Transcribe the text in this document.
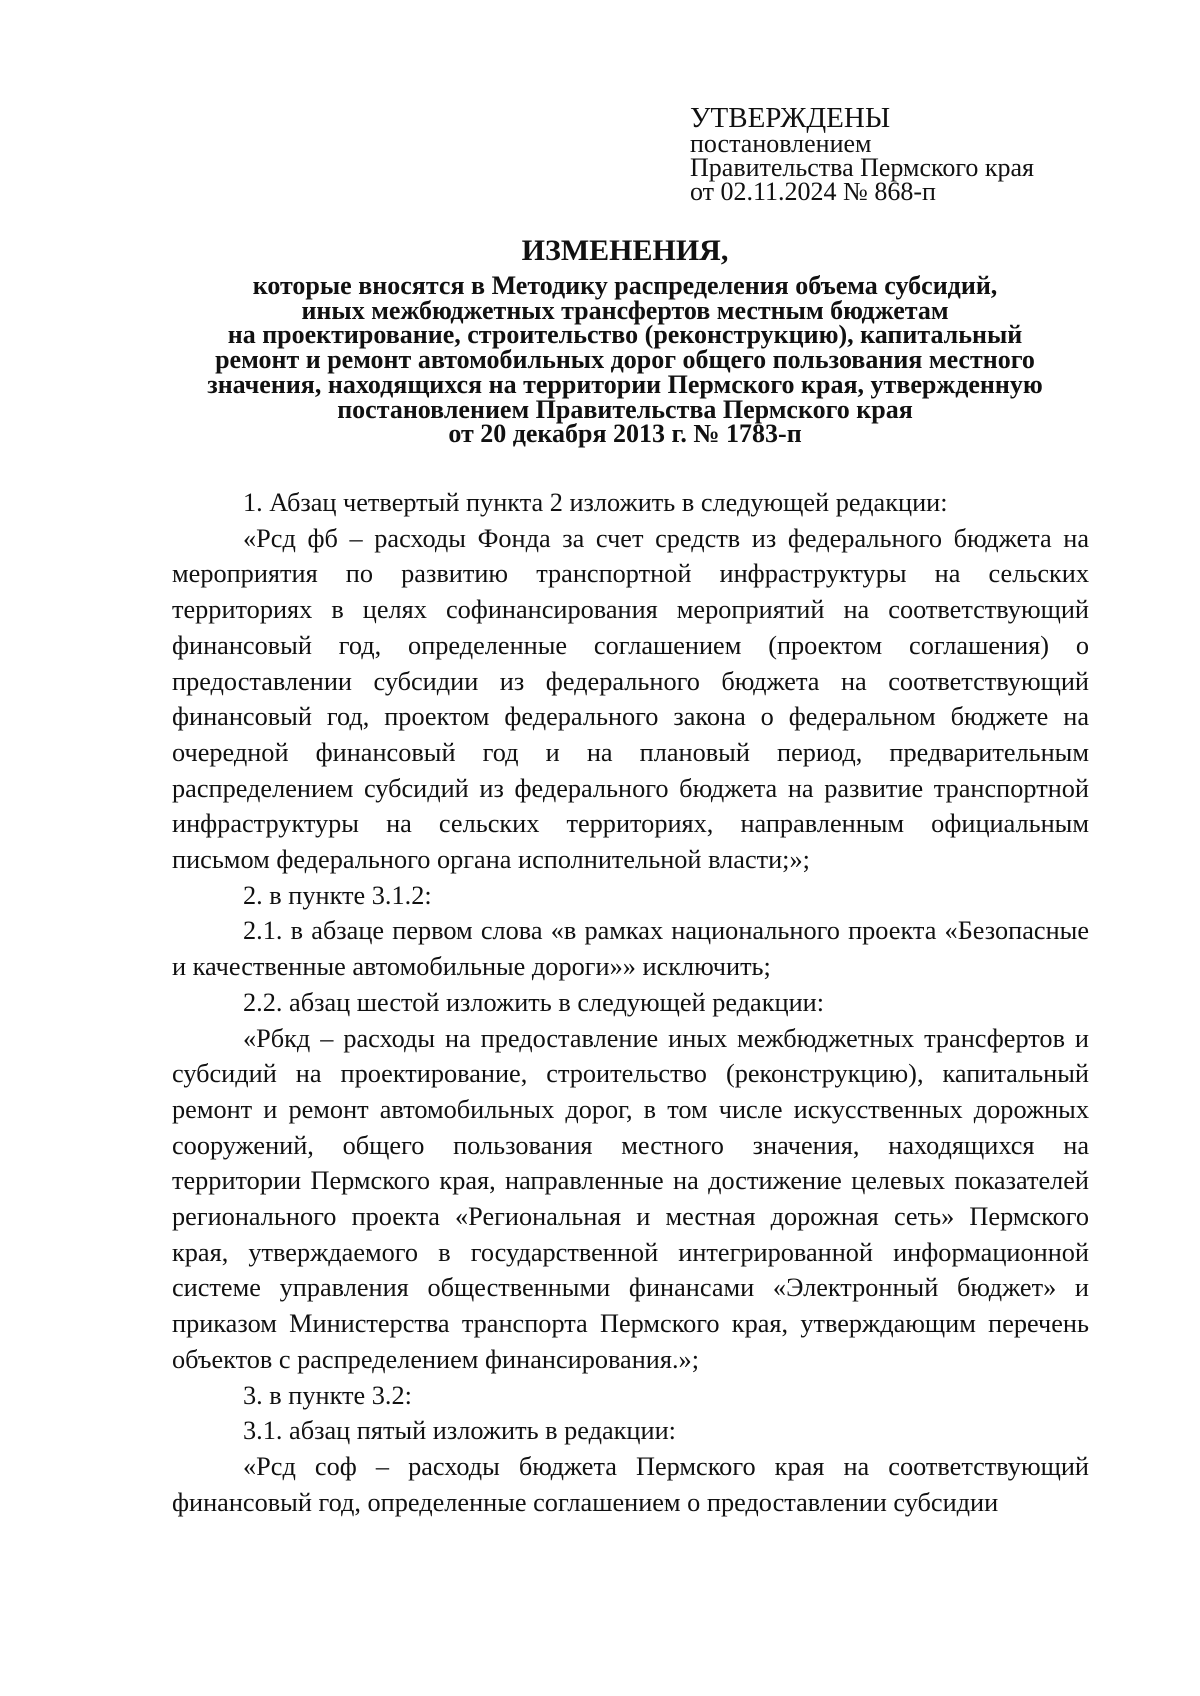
УТВЕРЖДЕНЫ
постановлением
Правительства Пермского края
от 02.11.2024 № 868-п
ИЗМЕНЕНИЯ,
которые вносятся в Методику распределения объема субсидий,
иных межбюджетных трансфертов местным бюджетам
на проектирование, строительство (реконструкцию), капитальный
ремонт и ремонт автомобильных дорог общего пользования местного
значения, находящихся на территории Пермского края, утвержденную
постановлением Правительства Пермского края
от 20 декабря 2013 г. № 1783-п

1. Абзац четвертый пункта 2 изложить в следующей редакции:

«Рсд фб – расходы Фонда за счет средств из федерального бюджета на мероприятия по развитию транспортной инфраструктуры на сельских территориях в целях софинансирования мероприятий на соответствующий финансовый год, определенные соглашением (проектом соглашения) о предоставлении субсидии из федерального бюджета на соответствующий финансовый год, проектом федерального закона о федеральном бюджете на очередной финансовый год и на плановый период, предварительным распределением субсидий из федерального бюджета на развитие транспортной инфраструктуры на сельских территориях, направленным официальным письмом федерального органа исполнительной власти;»;

2. в пункте 3.1.2:

2.1. в абзаце первом слова «в рамках национального проекта «Безопасные и качественные автомобильные дороги»» исключить;

2.2. абзац шестой изложить в следующей редакции:

«Рбкд – расходы на предоставление иных межбюджетных трансфертов и субсидий на проектирование, строительство (реконструкцию), капитальный ремонт и ремонт автомобильных дорог, в том числе искусственных дорожных сооружений, общего пользования местного значения, находящихся на территории Пермского края, направленные на достижение целевых показателей регионального проекта «Региональная и местная дорожная сеть» Пермского края, утверждаемого в государственной интегрированной информационной системе управления общественными финансами «Электронный бюджет» и приказом Министерства транспорта Пермского края, утверждающим перечень объектов с распределением финансирования.»;

3. в пункте 3.2:

3.1. абзац пятый изложить в редакции:

«Рсд соф – расходы бюджета Пермского края на соответствующий финансовый год, определенные соглашением о предоставлении субсидии
